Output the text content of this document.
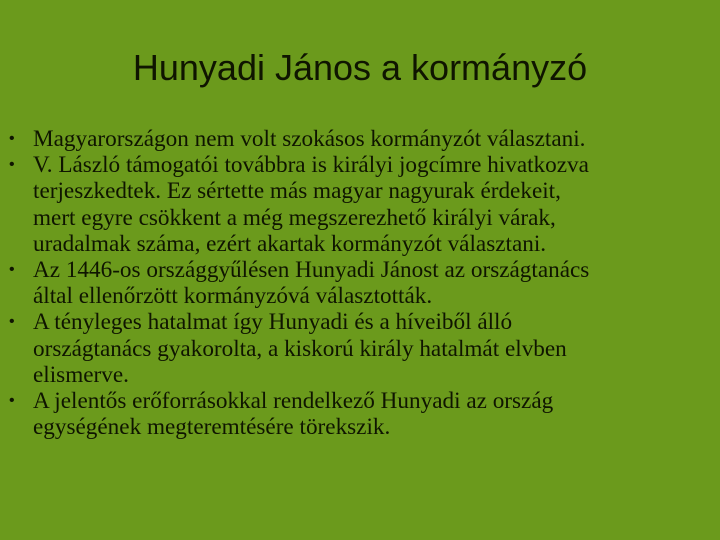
Hunyadi János a kormányzó
• Magyarországon nem volt szokásos kormányzót választani.
• V. László támogatói továbbra is királyi jogcímre hivatkozva
terjeszkedtek. Ez sértette más magyar nagyurak érdekeit,
mert egyre csökkent a még megszerezhető királyi várak,
uradalmak száma, ezért akartak kormányzót választani.
• Az 1446-os országgyűlésen Hunyadi Jánost az országtanács
által ellenőrzött kormányzóvá választották.
• A tényleges hatalmat így Hunyadi és a híveiből álló
országtanács gyakorolta, a kiskorú király hatalmát elvben
elismerve.
• A jelentős erőforrásokkal rendelkező Hunyadi az ország
egységének megteremtésére törekszik.
